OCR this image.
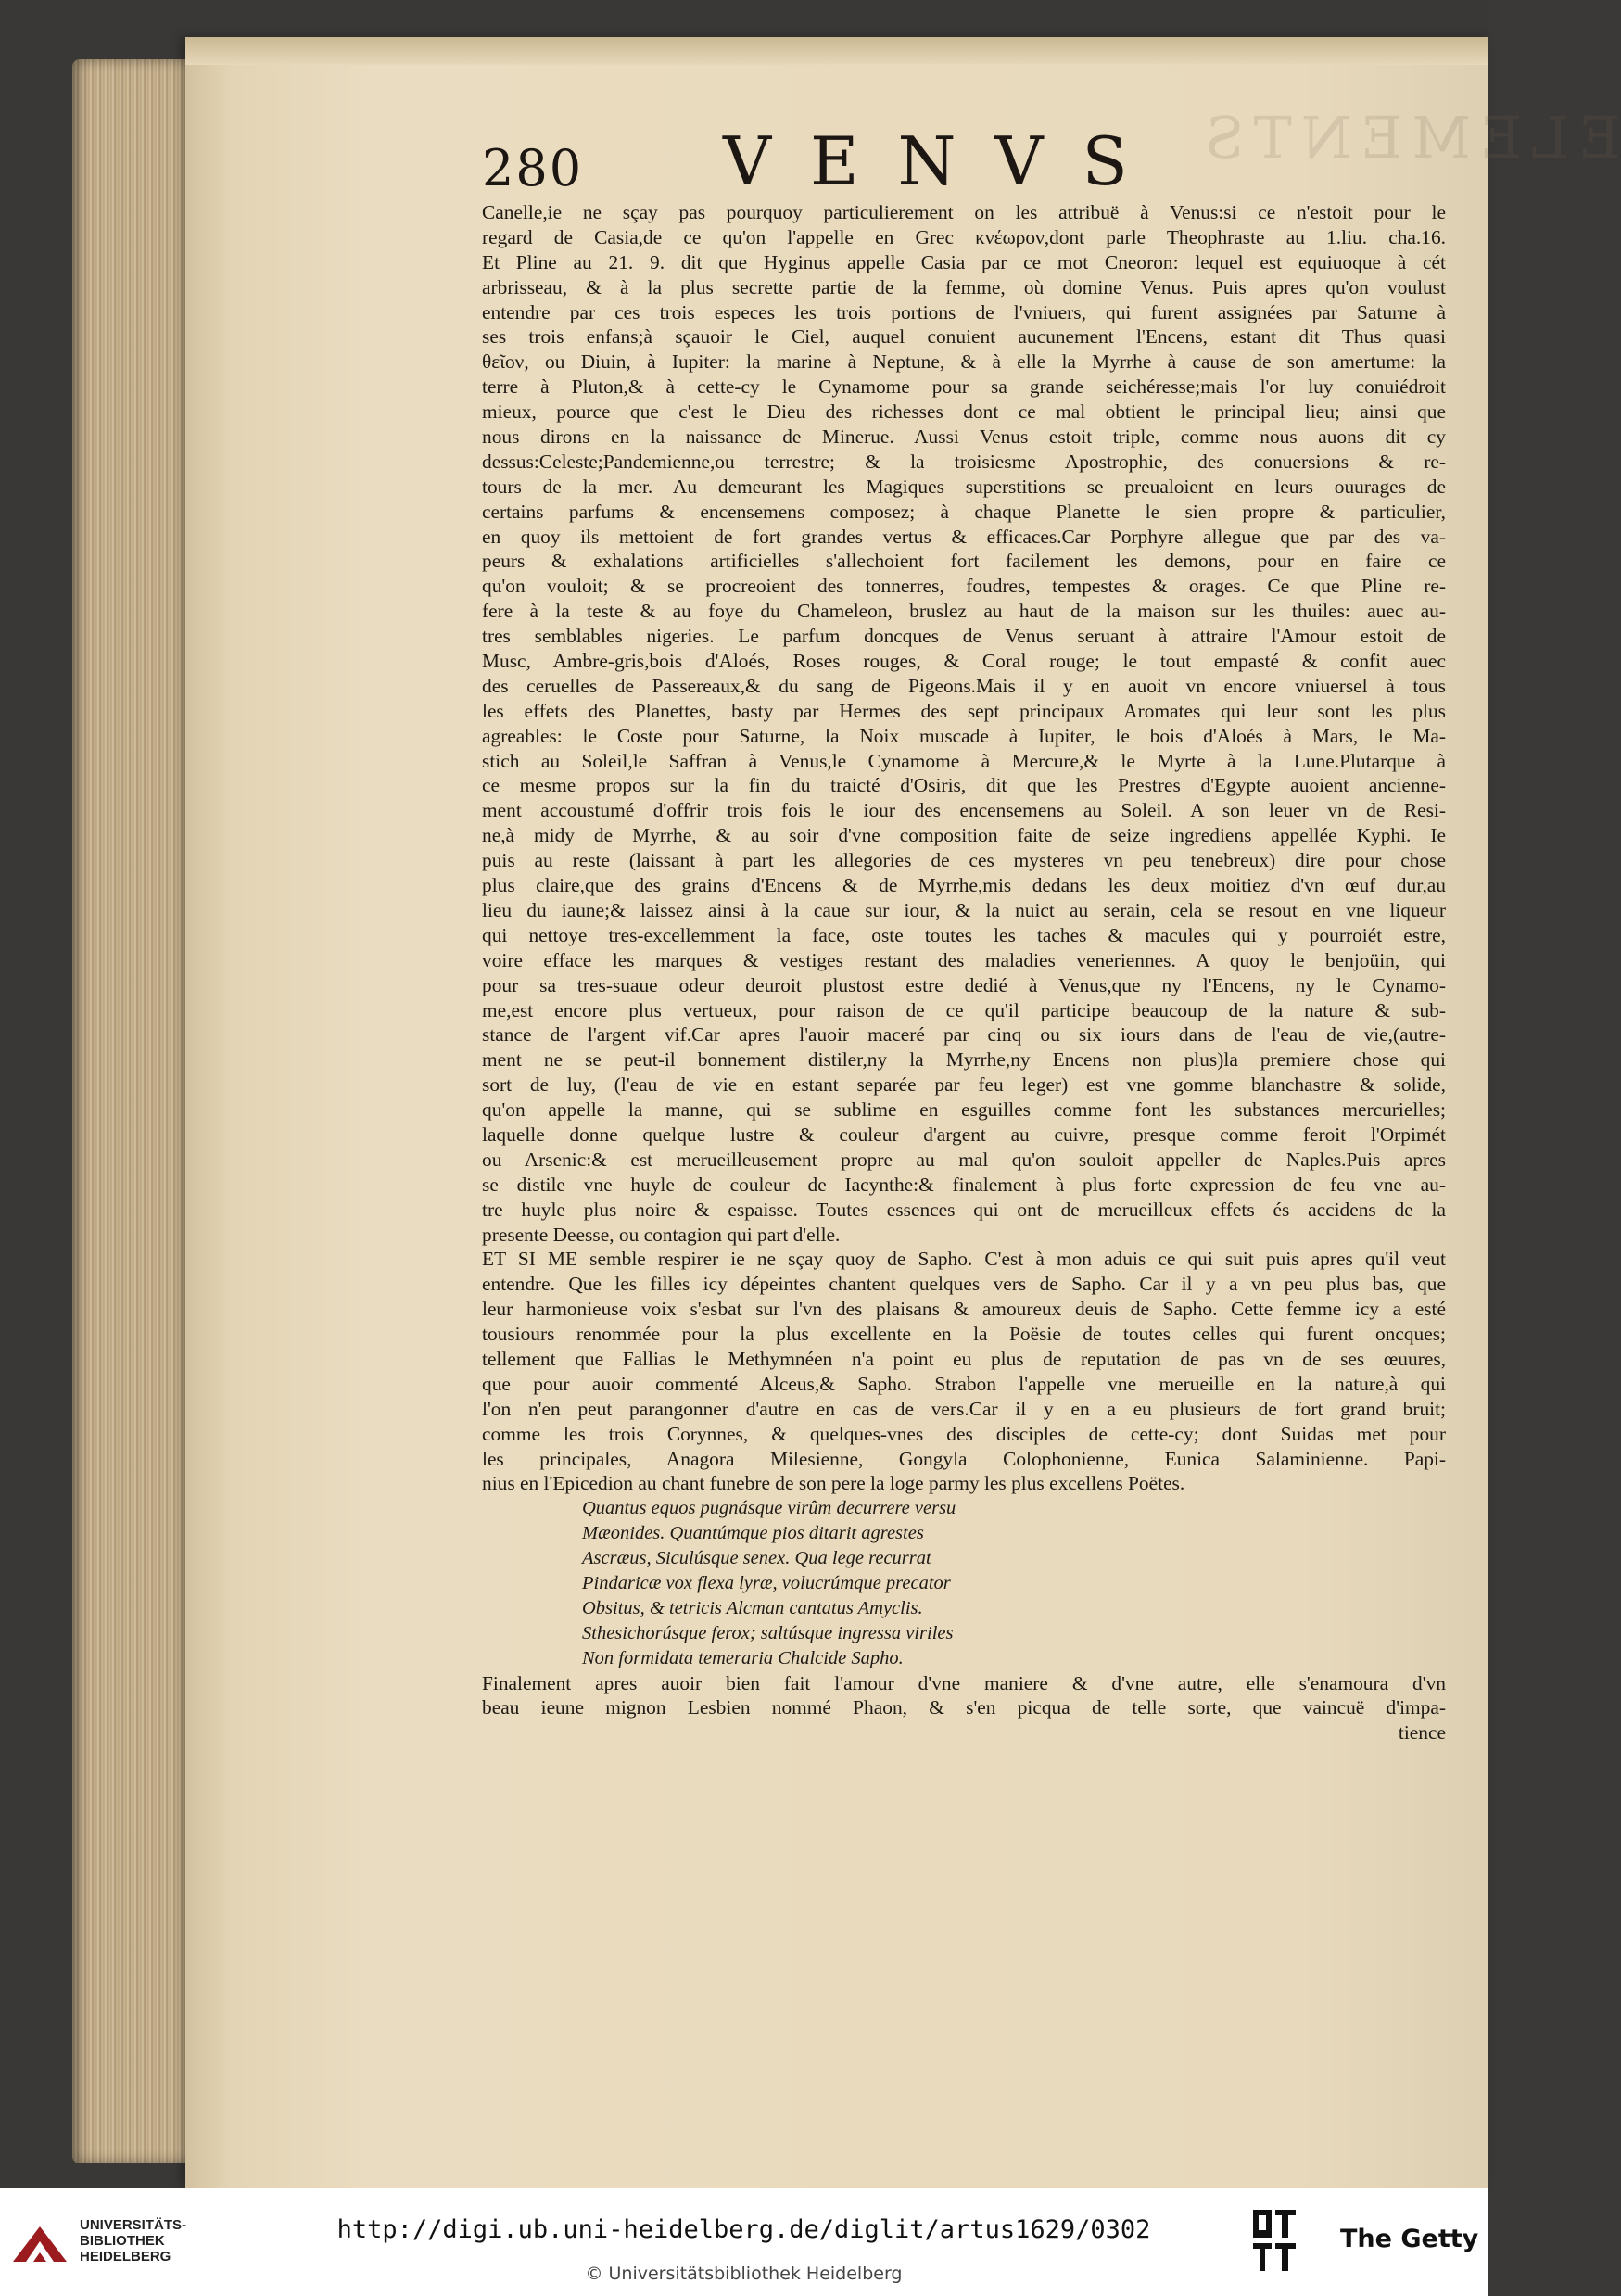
ELEMENTS
280 VENVS
Canelle,ie ne sçay pas pourquoy particulierement on les attribuë à Venus:si ce n'estoit pour le
regard de Casia,de ce qu'on l'appelle en Grec κνέωρον,dont parle Theophraste au 1.liu. cha.16.
Et Pline au 21. 9. dit que Hyginus appelle Casia par ce mot Cneoron: lequel est equiuoque à cét
arbrisseau, & à la plus secrette partie de la femme, où domine Venus. Puis apres qu'on voulust
entendre par ces trois especes les trois portions de l'vniuers, qui furent assignées par Saturne à
ses trois enfans;à sçauoir le Ciel, auquel conuient aucunement l'Encens, estant dit Thus quasi
θεῖον, ou Diuin, à Iupiter: la marine à Neptune, & à elle la Myrrhe à cause de son amertume: la
terre à Pluton,& à cette-cy le Cynamome pour sa grande seichéresse;mais l'or luy conuiédroit
mieux, pource que c'est le Dieu des richesses dont ce mal obtient le principal lieu; ainsi que
nous dirons en la naissance de Minerue. Aussi Venus estoit triple, comme nous auons dit cy
dessus:Celeste;Pandemienne,ou terrestre; & la troisiesme Apostrophie, des conuersions & re-
tours de la mer. Au demeurant les Magiques superstitions se preualoient en leurs ouurages de
certains parfums & encensemens composez; à chaque Planette le sien propre & particulier,
en quoy ils mettoient de fort grandes vertus & efficaces.Car Porphyre allegue que par des va-
peurs & exhalations artificielles s'allechoient fort facilement les demons, pour en faire ce
qu'on vouloit; & se procreoient des tonnerres, foudres, tempestes & orages. Ce que Pline re-
fere à la teste & au foye du Chameleon, bruslez au haut de la maison sur les thuiles: auec au-
tres semblables nigeries. Le parfum doncques de Venus seruant à attraire l'Amour estoit de
Musc, Ambre-gris,bois d'Aloés, Roses rouges, & Coral rouge; le tout empasté & confit auec
des ceruelles de Passereaux,& du sang de Pigeons.Mais il y en auoit vn encore vniuersel à tous
les effets des Planettes, basty par Hermes des sept principaux Aromates qui leur sont les plus
agreables: le Coste pour Saturne, la Noix muscade à Iupiter, le bois d'Aloés à Mars, le Ma-
stich au Soleil,le Saffran à Venus,le Cynamome à Mercure,& le Myrte à la Lune.Plutarque à
ce mesme propos sur la fin du traicté d'Osiris, dit que les Prestres d'Egypte auoient ancienne-
ment accoustumé d'offrir trois fois le iour des encensemens au Soleil. A son leuer vn de Resi-
ne,à midy de Myrrhe, & au soir d'vne composition faite de seize ingrediens appellée Kyphi. Ie
puis au reste (laissant à part les allegories de ces mysteres vn peu tenebreux) dire pour chose
plus claire,que des grains d'Encens & de Myrrhe,mis dedans les deux moitiez d'vn œuf dur,au
lieu du iaune;& laissez ainsi à la caue sur iour, & la nuict au serain, cela se resout en vne liqueur
qui nettoye tres-excellemment la face, oste toutes les taches & macules qui y pourroiét estre,
voire efface les marques & vestiges restant des maladies veneriennes. A quoy le benjoüin, qui
pour sa tres-suaue odeur deuroit plustost estre dedié à Venus,que ny l'Encens, ny le Cynamo-
me,est encore plus vertueux, pour raison de ce qu'il participe beaucoup de la nature & sub-
stance de l'argent vif.Car apres l'auoir maceré par cinq ou six iours dans de l'eau de vie,(autre-
ment ne se peut-il bonnement distiler,ny la Myrrhe,ny Encens non plus)la premiere chose qui
sort de luy, (l'eau de vie en estant separée par feu leger) est vne gomme blanchastre & solide,
qu'on appelle la manne, qui se sublime en esguilles comme font les substances mercurielles;
laquelle donne quelque lustre & couleur d'argent au cuivre, presque comme feroit l'Orpimét
ou Arsenic:& est merueilleusement propre au mal qu'on souloit appeller de Naples.Puis apres
se distile vne huyle de couleur de Iacynthe:& finalement à plus forte expression de feu vne au-
tre huyle plus noire & espaisse. Toutes essences qui ont de merueilleux effets és accidens de la
presente Deesse, ou contagion qui part d'elle.
ET SI ME semble respirer ie ne sçay quoy de Sapho. C'est à mon aduis ce qui suit puis apres qu'il veut
entendre. Que les filles icy dépeintes chantent quelques vers de Sapho. Car il y a vn peu plus bas, que
leur harmonieuse voix s'esbat sur l'vn des plaisans & amoureux deuis de Sapho. Cette femme icy a esté
tousiours renommée pour la plus excellente en la Poësie de toutes celles qui furent oncques;
tellement que Fallias le Methymnéen n'a point eu plus de reputation de pas vn de ses œuures,
que pour auoir commenté Alceus,& Sapho. Strabon l'appelle vne merueille en la nature,à qui
l'on n'en peut parangonner d'autre en cas de vers.Car il y en a eu plusieurs de fort grand bruit;
comme les trois Corynnes, & quelques-vnes des disciples de cette-cy; dont Suidas met pour
les principales, Anagora Milesienne, Gongyla Colophonienne, Eunica Salaminienne. Papi-
nius en l'Epicedion au chant funebre de son pere la loge parmy les plus excellens Poëtes.
Quantus equos pugnásque virûm decurrere versu
Mæonides. Quantúmque pios ditarit agrestes
Ascræus, Siculúsque senex. Qua lege recurrat
Pindaricæ vox flexa lyræ, volucrúmque precator
Obsitus, & tetricis Alcman cantatus Amyclis.
Sthesichorúsque ferox; saltúsque ingressa viriles
Non formidata temeraria Chalcide Sapho.
Finalement apres auoir bien fait l'amour d'vne maniere & d'vne autre, elle s'enamoura d'vn
beau ieune mignon Lesbien nommé Phaon, & s'en picqua de telle sorte, que vaincuë d'impa-
tience
UNIVERSITÄTS-
BIBLIOTHEK
HEIDELBERG
http://digi.ub.uni-heidelberg.de/diglit/artus1629/0302
© Universitätsbibliothek Heidelberg
The Getty
